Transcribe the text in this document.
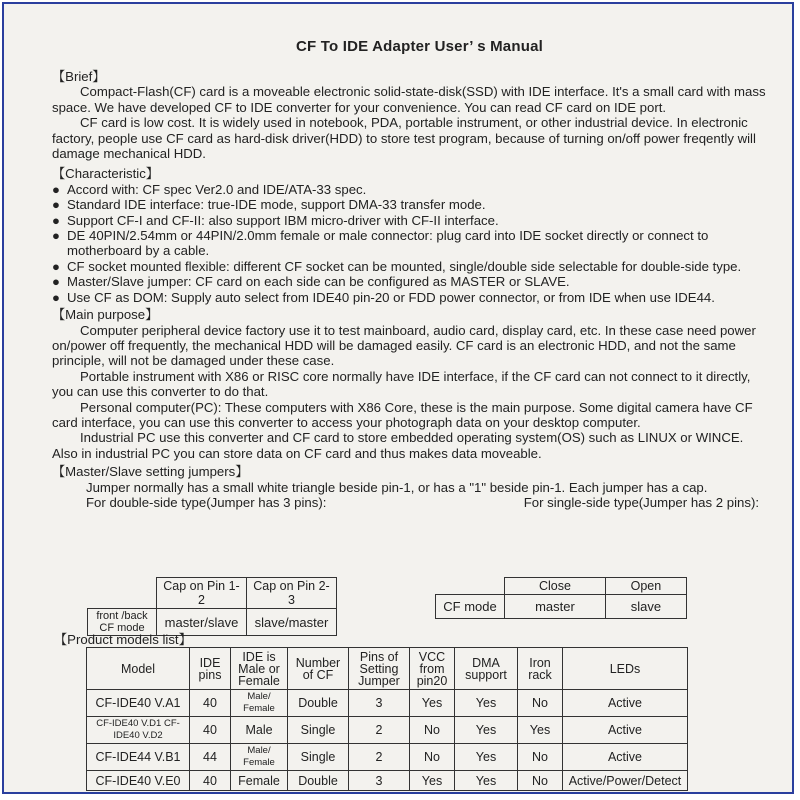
CF To IDE Adapter User’ s Manual
【Brief】

Compact-Flash(CF) card is a moveable electronic solid-state-disk(SSD) with IDE interface. It's a small card with mass space. We have developed CF to IDE converter for your convenience. You can read CF card on IDE port.

CF card is low cost. It is widely used in notebook, PDA, portable instrument, or other industrial device. In electronic factory, people use CF card as hard-disk driver(HDD) to store test program, because of turning on/off power freqently will damage mechanical HDD.

【Characteristic】
● Accord with: CF spec Ver2.0 and IDE/ATA-33 spec.
● Standard IDE interface: true-IDE mode, support DMA-33 transfer mode.
● Support CF-I and CF-II: also support IBM micro-driver with CF-II interface.
● DE 40PIN/2.54mm or 44PIN/2.0mm female or male connector: plug card into IDE socket directly or connect to motherboard by a cable.
● CF socket mounted flexible: different CF socket can be mounted, single/double side selectable for double-side type.
● Master/Slave jumper: CF card on each side can be configured as MASTER or SLAVE.
● Use CF as DOM: Supply auto select from IDE40 pin-20 or FDD power connector, or from IDE when use IDE44.
【Main purpose】

Computer peripheral device factory use it to test mainboard, audio card, display card, etc. In these case need power on/power off frequently, the mechanical HDD will be damaged easily. CF card is an electronic HDD, and not the same principle, will not be damaged under these case.

Portable instrument with X86 or RISC core normally have IDE interface, if the CF card can not connect to it directly, you can use this converter to do that.

Personal computer(PC): These computers with X86 Core, these is the main purpose. Some digital camera have CF card interface, you can use this converter to access your photograph data on your desktop computer.

Industrial PC use this converter and CF card to store embedded operating system(OS) such as LINUX or WINCE. Also in industrial PC you can store data on CF card and thus makes data moveable.

【Master/Slave setting jumpers】
Jumper normally has a small white triangle beside pin-1, or has a "1" beside pin-1. Each jumper has a cap.
For double-side type(Jumper has 3 pins):	For single-side type(Jumper has 2 pins):
	Cap on Pin 1-2	Cap on Pin 2-3
front /back CF mode	master/slave	slave/master
	Close	Open
CF mode	master	slave
【Product models list】
Model	IDE pins	IDE is Male or Female	Number of CF	Pins of Setting Jumper	VCC from pin20	DMA support	Iron rack	LEDs
CF-IDE40 V.A1	40	Male/ Female	Double	3	Yes	Yes	No	Active
CF-IDE40 V.D1 CF-IDE40 V.D2	40	Male	Single	2	No	Yes	Yes	Active
CF-IDE44 V.B1	44	Male/ Female	Single	2	No	Yes	No	Active
CF-IDE40 V.E0	40	Female	Double	3	Yes	Yes	No	Active/Power/Detect
